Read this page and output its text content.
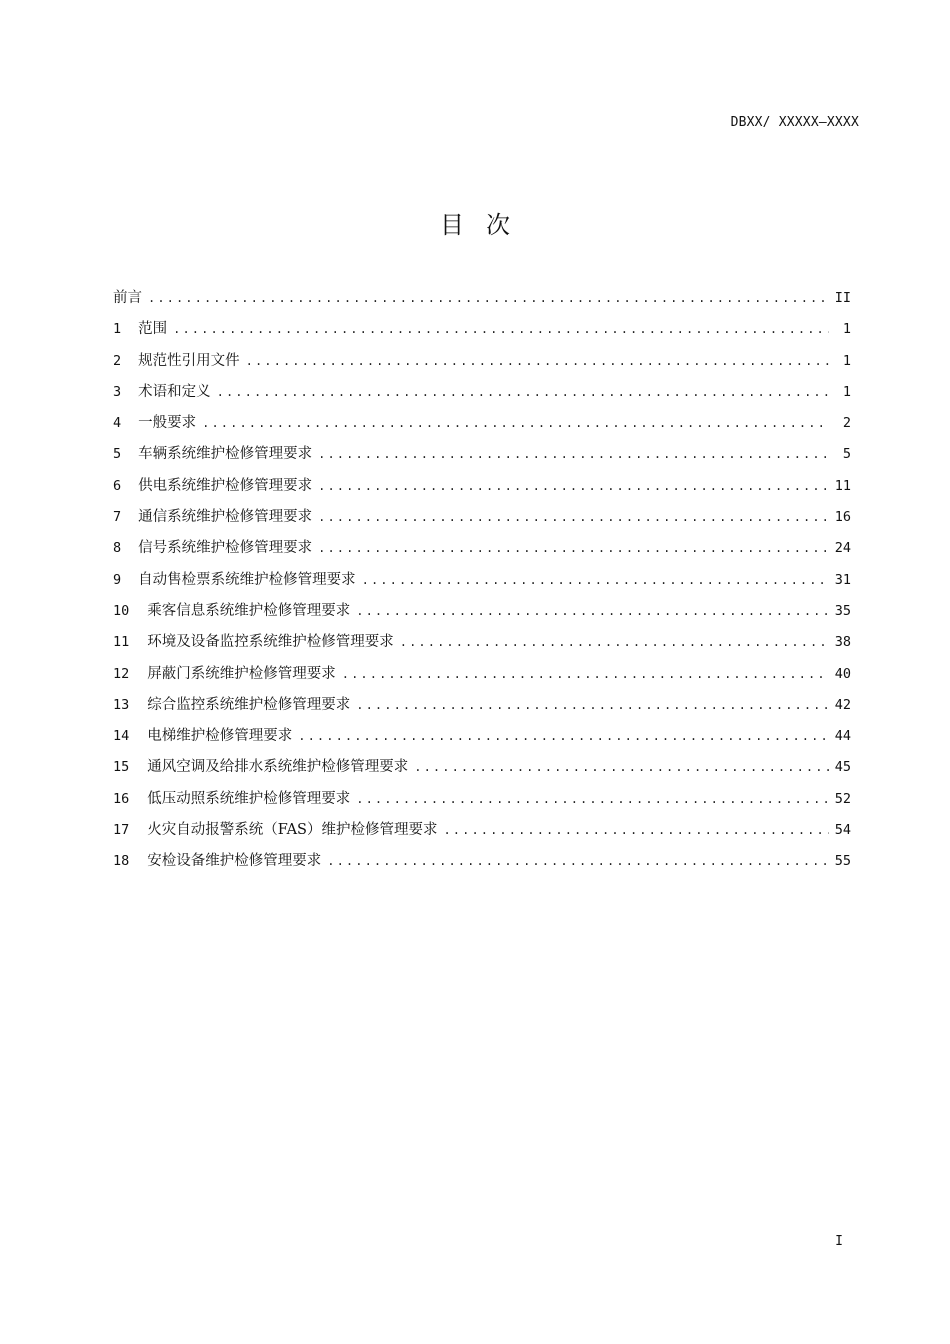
DBXX/ XXXXX—XXXX
目次
前言 .....	II
1 范围 .....	1
2 规范性引用文件 .....	1
3 术语和定义 .....	1
4 一般要求 .....	2
5 车辆系统维护检修管理要求 .....	5
6 供电系统维护检修管理要求 .....	11
7 通信系统维护检修管理要求 .....	16
8 信号系统维护检修管理要求 .....	24
9 自动售检票系统维护检修管理要求 .....	31
10 乘客信息系统维护检修管理要求 .....	35
11 环境及设备监控系统维护检修管理要求 .....	38
12 屏蔽门系统维护检修管理要求 .....	40
13 综合监控系统维护检修管理要求 .....	42
14 电梯维护检修管理要求 .....	44
15 通风空调及给排水系统维护检修管理要求 .....	45
16 低压动照系统维护检修管理要求 .....	52
17 火灾自动报警系统（FAS）维护检修管理要求 .....	54
18 安检设备维护检修管理要求 .....	55
I
